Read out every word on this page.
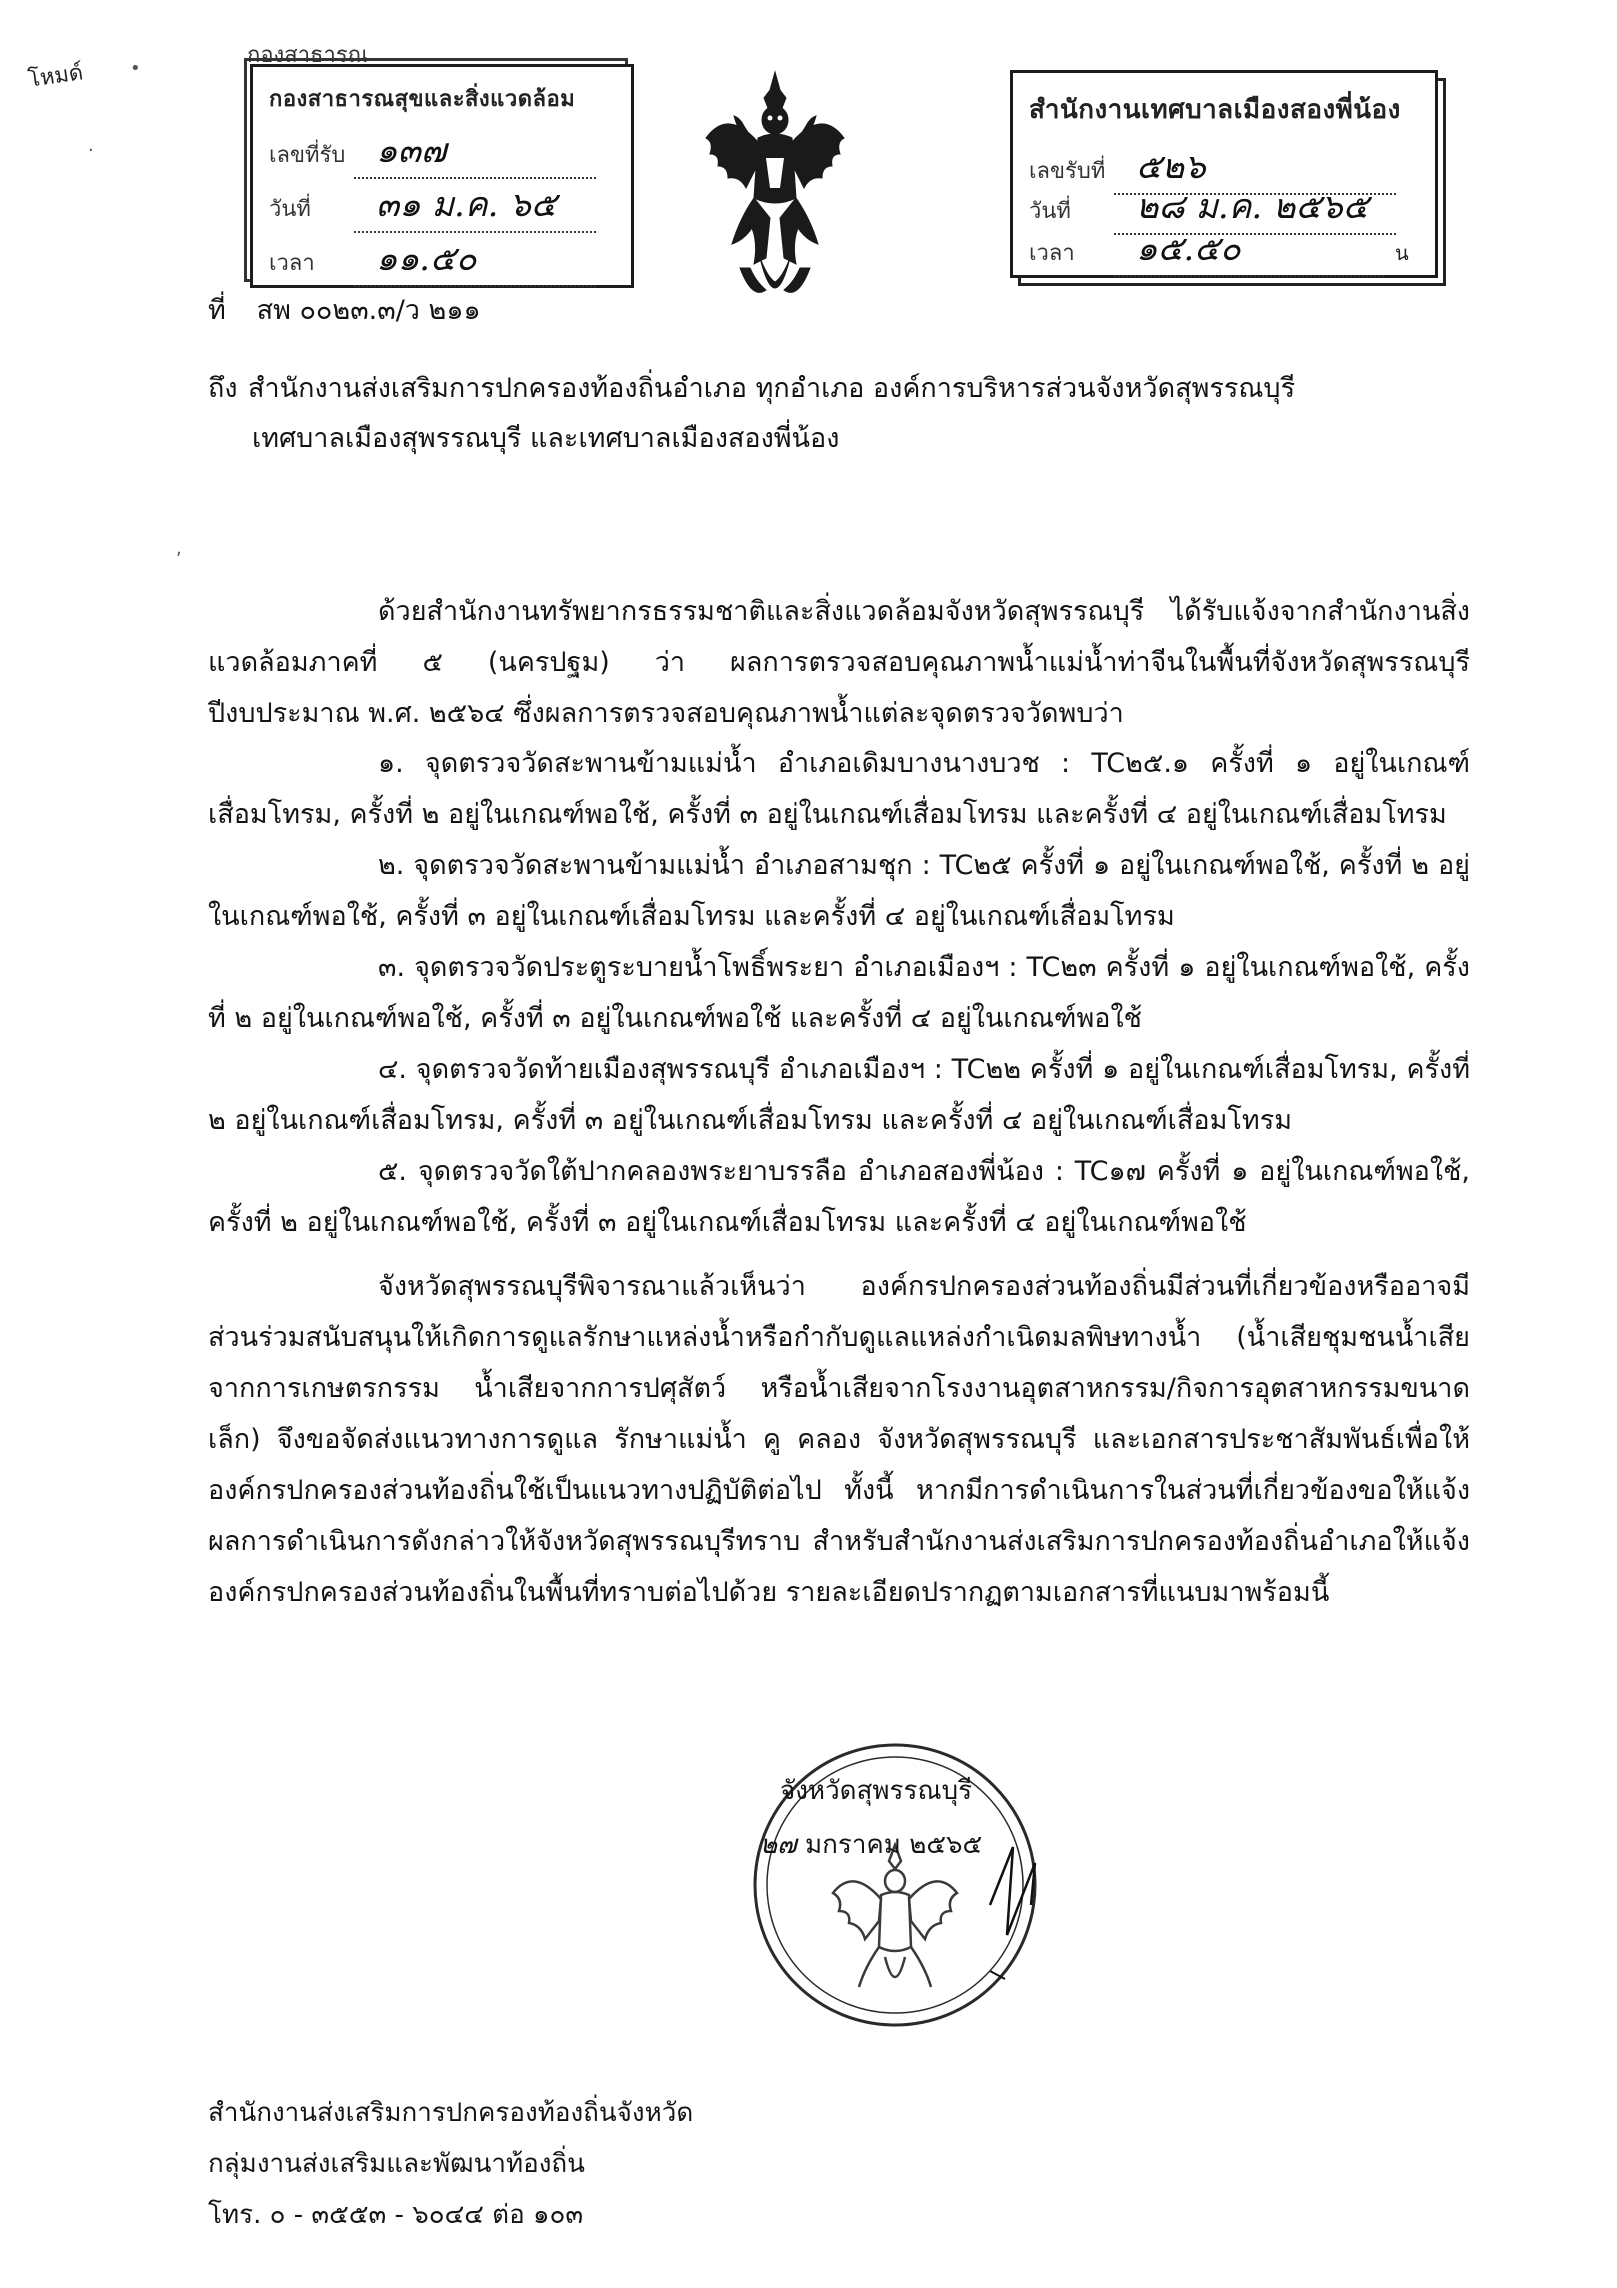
โหมด์	•
·
,
กองสาธารณ
กองสาธารณสุขและสิ่งแวดล้อม
เลขที่รับ ๑๓๗
วันที่ ๓๑ ม.ค. ๖๕
เวลา ๑๑.๕๐
สำนักงานเทศบาลเมืองสองพี่น้อง
เลขรับที่ ๕๒๖
วันที่ ๒๘ ม.ค. ๒๕๖๕
เวลา ๑๕.๕๐	น
ที่ สพ ๐๐๒๓.๓/ว ๒๑๑
ถึง สำนักงานส่งเสริมการปกครองท้องถิ่นอำเภอ ทุกอำเภอ องค์การบริหารส่วนจังหวัดสุพรรณบุรี
เทศบาลเมืองสุพรรณบุรี และเทศบาลเมืองสองพี่น้อง

ด้วยสำนักงานทรัพยากรธรรมชาติและสิ่งแวดล้อมจังหวัดสุพรรณบุรี ได้รับแจ้งจากสำนักงานสิ่งแวดล้อมภาคที่ ๕ (นครปฐม) ว่า ผลการตรวจสอบคุณภาพน้ำแม่น้ำท่าจีนในพื้นที่จังหวัดสุพรรณบุรีปีงบประมาณ พ.ศ. ๒๕๖๔ ซึ่งผลการตรวจสอบคุณภาพน้ำแต่ละจุดตรวจวัดพบว่า

๑. จุดตรวจวัดสะพานข้ามแม่น้ำ อำเภอเดิมบางนางบวช : TC๒๕.๑ ครั้งที่ ๑ อยู่ในเกณฑ์เสื่อมโทรม, ครั้งที่ ๒ อยู่ในเกณฑ์พอใช้, ครั้งที่ ๓ อยู่ในเกณฑ์เสื่อมโทรม และครั้งที่ ๔ อยู่ในเกณฑ์เสื่อมโทรม

๒. จุดตรวจวัดสะพานข้ามแม่น้ำ อำเภอสามชุก : TC๒๕ ครั้งที่ ๑ อยู่ในเกณฑ์พอใช้, ครั้งที่ ๒ อยู่ในเกณฑ์พอใช้, ครั้งที่ ๓ อยู่ในเกณฑ์เสื่อมโทรม และครั้งที่ ๔ อยู่ในเกณฑ์เสื่อมโทรม

๓. จุดตรวจวัดประตูระบายน้ำโพธิ์พระยา อำเภอเมืองฯ : TC๒๓ ครั้งที่ ๑ อยู่ในเกณฑ์พอใช้, ครั้งที่ ๒ อยู่ในเกณฑ์พอใช้, ครั้งที่ ๓ อยู่ในเกณฑ์พอใช้ และครั้งที่ ๔ อยู่ในเกณฑ์พอใช้

๔. จุดตรวจวัดท้ายเมืองสุพรรณบุรี อำเภอเมืองฯ : TC๒๒ ครั้งที่ ๑ อยู่ในเกณฑ์เสื่อมโทรม, ครั้งที่ ๒ อยู่ในเกณฑ์เสื่อมโทรม, ครั้งที่ ๓ อยู่ในเกณฑ์เสื่อมโทรม และครั้งที่ ๔ อยู่ในเกณฑ์เสื่อมโทรม

๕. จุดตรวจวัดใต้ปากคลองพระยาบรรลือ อำเภอสองพี่น้อง : TC๑๗ ครั้งที่ ๑ อยู่ในเกณฑ์พอใช้, ครั้งที่ ๒ อยู่ในเกณฑ์พอใช้, ครั้งที่ ๓ อยู่ในเกณฑ์เสื่อมโทรม และครั้งที่ ๔ อยู่ในเกณฑ์พอใช้

จังหวัดสุพรรณบุรีพิจารณาแล้วเห็นว่า องค์กรปกครองส่วนท้องถิ่นมีส่วนที่เกี่ยวข้องหรืออาจมีส่วนร่วมสนับสนุนให้เกิดการดูแลรักษาแหล่งน้ำหรือกำกับดูแลแหล่งกำเนิดมลพิษทางน้ำ (น้ำเสียชุมชนน้ำเสียจากการเกษตรกรรม น้ำเสียจากการปศุสัตว์ หรือน้ำเสียจากโรงงานอุตสาหกรรม/กิจการอุตสาหกรรมขนาดเล็ก) จึงขอจัดส่งแนวทางการดูแล รักษาแม่น้ำ คู คลอง จังหวัดสุพรรณบุรี และเอกสารประชาสัมพันธ์เพื่อให้องค์กรปกครองส่วนท้องถิ่นใช้เป็นแนวทางปฏิบัติต่อไป ทั้งนี้ หากมีการดำเนินการในส่วนที่เกี่ยวข้องขอให้แจ้งผลการดำเนินการดังกล่าวให้จังหวัดสุพรรณบุรีทราบ สำหรับสำนักงานส่งเสริมการปกครองท้องถิ่นอำเภอให้แจ้งองค์กรปกครองส่วนท้องถิ่นในพื้นที่ทราบต่อไปด้วย รายละเอียดปรากฏตามเอกสารที่แนบมาพร้อมนี้

จังหวัดสุพรรณบุรี
๒๗ มกราคม ๒๕๖๕
สำนักงานส่งเสริมการปกครองท้องถิ่นจังหวัด
กลุ่มงานส่งเสริมและพัฒนาท้องถิ่น
โทร. ๐ - ๓๕๕๓ - ๖๐๔๔ ต่อ ๑๐๓
